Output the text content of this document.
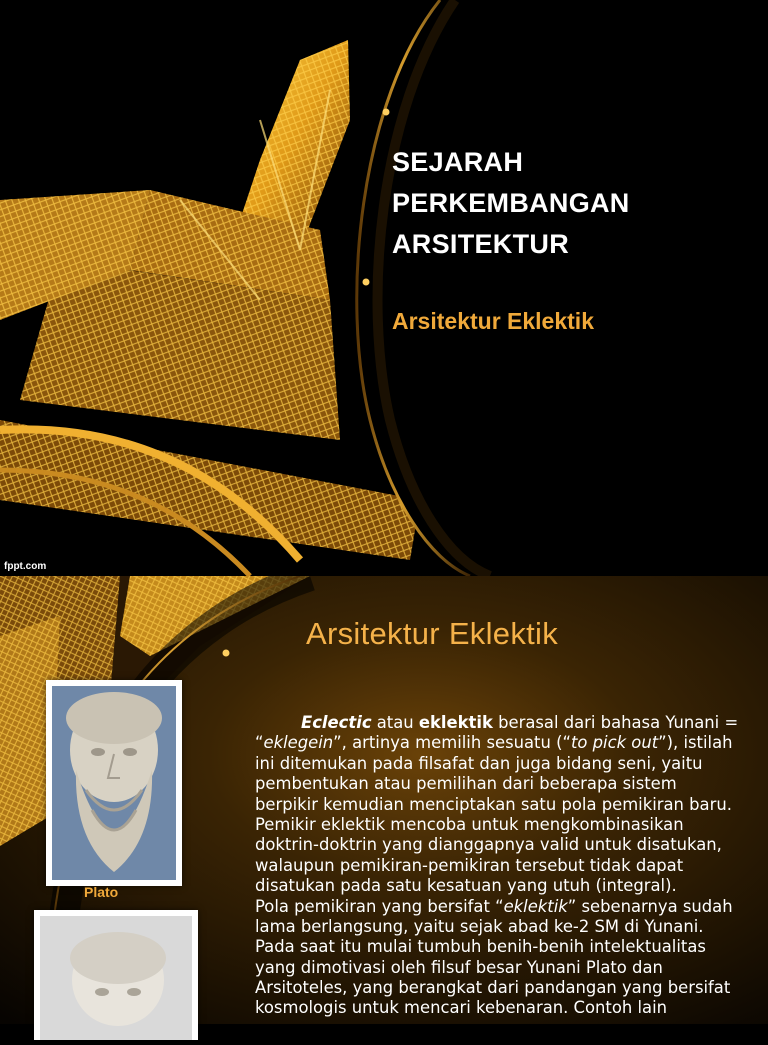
SEJARAH
PERKEMBANGAN
ARSITEKTUR
Arsitektur Eklektik
fppt.com
Arsitektur Eklektik
Plato
Eclectic atau eklektik berasal dari bahasa Yunani =
“eklegein”, artinya memilih sesuatu (“to pick out”), istilah
ini ditemukan pada filsafat dan juga bidang seni, yaitu
pembentukan atau pemilihan dari beberapa sistem
berpikir kemudian menciptakan satu pola pemikiran baru.
Pemikir eklektik mencoba untuk mengkombinasikan
doktrin-doktrin yang dianggapnya valid untuk disatukan,
walaupun pemikiran-pemikiran tersebut tidak dapat
disatukan pada satu kesatuan yang utuh (integral).
Pola pemikiran yang bersifat “eklektik” sebenarnya sudah
lama berlangsung, yaitu sejak abad ke-2 SM di Yunani.
Pada saat itu mulai tumbuh benih-benih intelektualitas
yang dimotivasi oleh filsuf besar Yunani Plato dan
Arsitoteles, yang berangkat dari pandangan yang bersifat
kosmologis untuk mencari kebenaran. Contoh lain
